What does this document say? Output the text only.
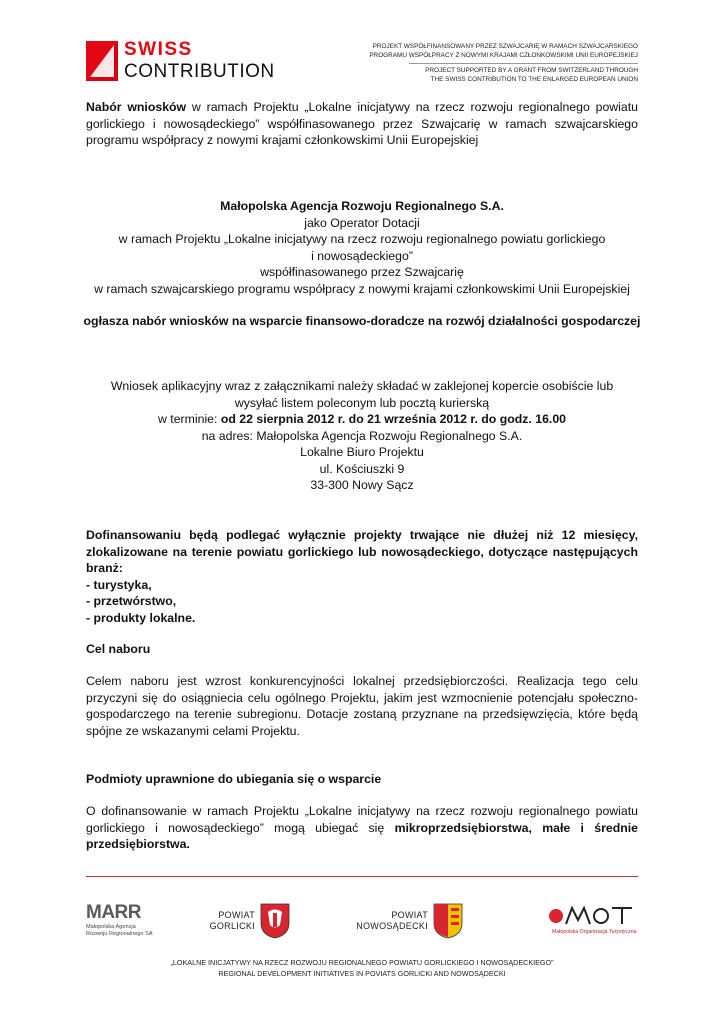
SWISS
CONTRIBUTION
PROJEKT WSPÓŁFINANSOWANY PRZEZ SZWAJCARIĘ W RAMACH SZWAJCARSKIEGO
PROGRAMU WSPÓŁPRACY Z NOWYMI KRAJAMI CZŁONKOWSKIMI UNII EUROPEJSKIEJ
PROJECT SUPPORTED BY A GRANT FROM SWITZERLAND THROUGH
THE SWISS CONTRIBUTION TO THE ENLARGED EUROPEAN UNION
Nabór wniosków w ramach Projektu „Lokalne inicjatywy na rzecz rozwoju regionalnego powiatu gorlickiego i nowosądeckiego” współfinasowanego przez Szwajcarię w ramach szwajcarskiego programu współpracy z nowymi krajami członkowskimi Unii Europejskiej
Małopolska Agencja Rozwoju Regionalnego S.A.
jako Operator Dotacji
w ramach Projektu „Lokalne inicjatywy na rzecz rozwoju regionalnego powiatu gorlickiego
i nowosądeckiego”
współfinasowanego przez Szwajcarię
w ramach szwajcarskiego programu współpracy z nowymi krajami członkowskimi Unii Europejskiej
ogłasza nabór wniosków na wsparcie finansowo-doradcze na rozwój działalności gospodarczej
Wniosek aplikacyjny wraz z załącznikami należy składać w zaklejonej kopercie osobiście lub
wysyłać listem poleconym lub pocztą kurierską
w terminie: od 22 sierpnia 2012 r. do 21 września 2012 r. do godz. 16.00
na adres: Małopolska Agencja Rozwoju Regionalnego S.A.
Lokalne Biuro Projektu
ul. Kościuszki 9
33-300 Nowy Sącz
Dofinansowaniu będą podlegać wyłącznie projekty trwające nie dłużej niż 12 miesięcy, zlokalizowane na terenie powiatu gorlickiego lub nowosądeckiego, dotyczące następujących branż:
- turystyka,
- przetwórstwo,
- produkty lokalne.
Cel naboru
Celem naboru jest wzrost konkurencyjności lokalnej przedsiębiorczości. Realizacja tego celu przyczyni się do osiągniecia celu ogólnego Projektu, jakim jest wzmocnienie potencjału społeczno-gospodarczego na terenie subregionu. Dotacje zostaną przyznane na przedsięwzięcia, które będą spójne ze wskazanymi celami Projektu.
Podmioty uprawnione do ubiegania się o wsparcie
O dofinansowanie w ramach Projektu „Lokalne inicjatywy na rzecz rozwoju regionalnego powiatu gorlickiego i nowosądeckiego” mogą ubiegać się mikroprzedsiębiorstwa, małe i średnie przedsiębiorstwa.
MARR
Małopolska Agencja
Rozwoju Regionalnego SA
POWIAT
GORLICKI
POWIAT
NOWOSĄDECKI
Małopolska Organizacja Turystyczna
„LOKALNE INICJATYWY NA RZECZ ROZWOJU REGIONALNEGO POWIATU GORLICKIEGO I NOWOSĄDECKIEGO”
REGIONAL DEVELOPMENT INITIATIVES IN POVIATS GORLICKI AND NOWOSĄDECKI
